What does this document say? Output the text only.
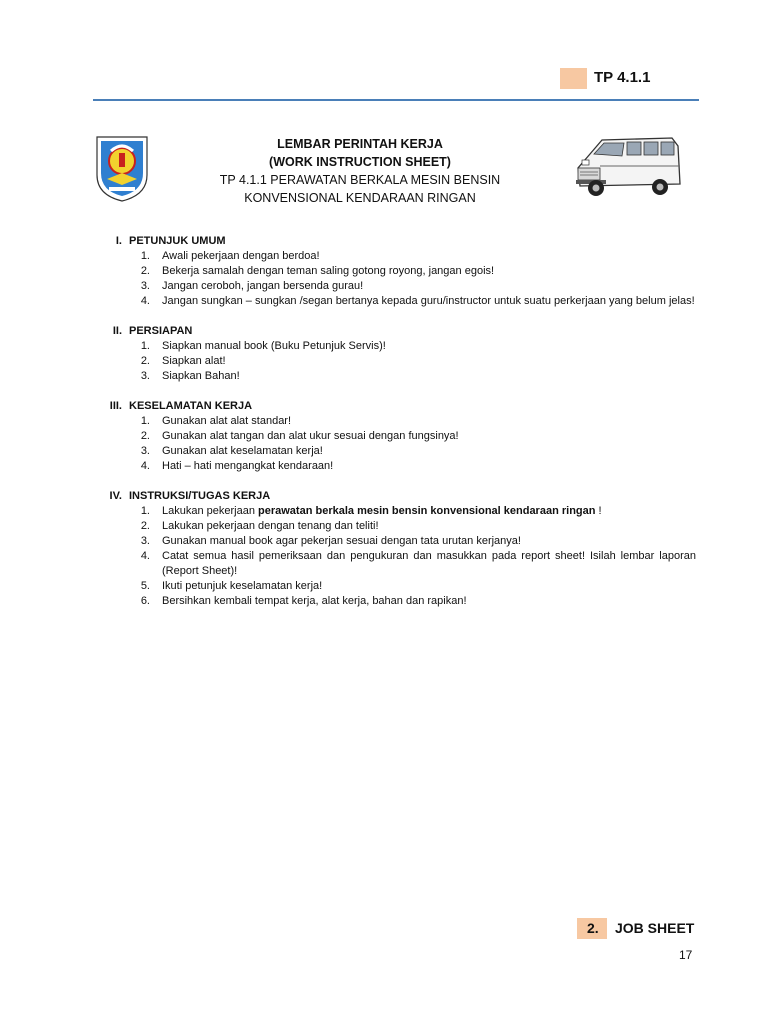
TP 4.1.1
LEMBAR PERINTAH KERJA
(WORK INSTRUCTION SHEET)
TP 4.1.1 PERAWATAN BERKALA MESIN BENSIN
KONVENSIONAL KENDARAAN RINGAN
I. PETUNJUK UMUM
1.	Awali pekerjaan dengan berdoa!
2.	Bekerja samalah dengan teman saling gotong royong, jangan egois!
3.	Jangan ceroboh, jangan bersenda gurau!
4.	Jangan sungkan – sungkan /segan bertanya kepada guru/instructor untuk suatu perkerjaan yang belum jelas!
II. PERSIAPAN
1.	Siapkan manual book (Buku Petunjuk Servis)!
2.	Siapkan alat!
3.	Siapkan Bahan!
III. KESELAMATAN KERJA
1.	Gunakan alat alat standar!
2.	Gunakan alat tangan dan alat ukur sesuai dengan fungsinya!
3.	Gunakan alat keselamatan kerja!
4.	Hati – hati mengangkat kendaraan!
IV. INSTRUKSI/TUGAS KERJA
1.	Lakukan pekerjaan perawatan berkala mesin bensin konvensional kendaraan ringan !
2.	Lakukan pekerjaan dengan tenang dan teliti!
3.	Gunakan manual book agar pekerjan sesuai dengan tata urutan kerjanya!
4.	Catat semua hasil pemeriksaan dan pengukuran dan masukkan pada report sheet! Isilah lembar laporan (Report Sheet)!
5.	Ikuti petunjuk keselamatan kerja!
6.	Bersihkan kembali tempat kerja, alat kerja, bahan dan rapikan!
2. JOB SHEET
17
